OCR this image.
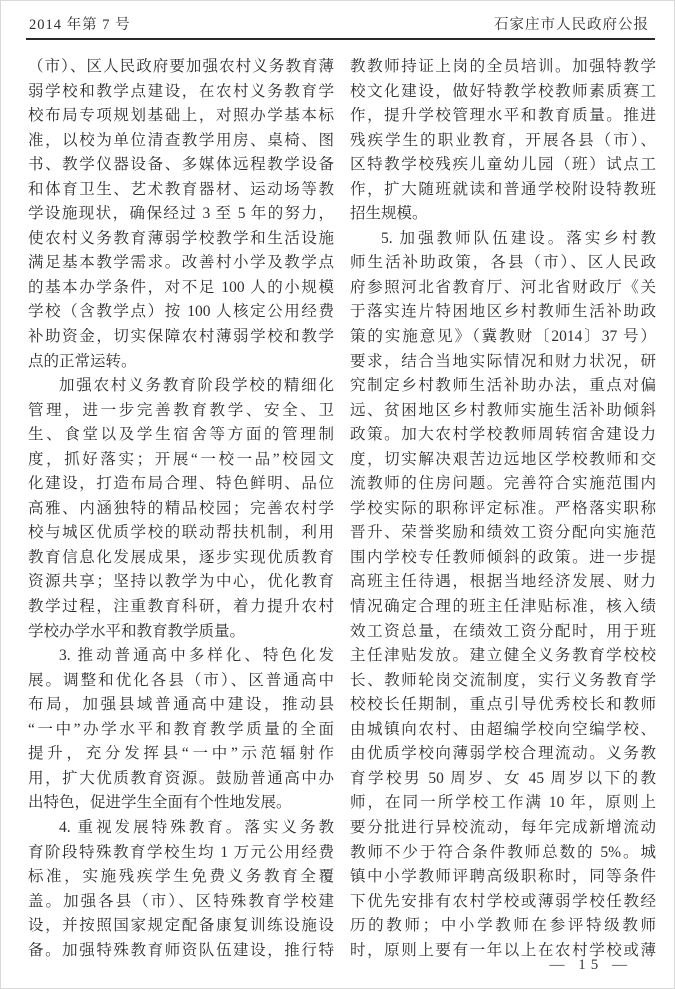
2014 年第 7 号	石家庄市人民政府公报
（市）、区人民政府要加强农村义务教育薄
弱学校和教学点建设，在农村义务教育学
校布局专项规划基础上，对照办学基本标
准，以校为单位清查教学用房、桌椅、图
书、教学仪器设备、多媒体远程教学设备
和体育卫生、艺术教育器材、运动场等教
学设施现状，确保经过 3 至 5 年的努力，
使农村义务教育薄弱学校教学和生活设施
满足基本教学需求。改善村小学及教学点
的基本办学条件，对不足 100 人的小规模
学校（含教学点）按 100 人核定公用经费
补助资金，切实保障农村薄弱学校和教学
点的正常运转。
加强农村义务教育阶段学校的精细化
管理，进一步完善教育教学、安全、卫
生、食堂以及学生宿舍等方面的管理制
度，抓好落实；开展“一校一品”校园文
化建设，打造布局合理、特色鲜明、品位
高雅、内涵独特的精品校园；完善农村学
校与城区优质学校的联动帮扶机制，利用
教育信息化发展成果，逐步实现优质教育
资源共享；坚持以教学为中心，优化教育
教学过程，注重教育科研，着力提升农村
学校办学水平和教育教学质量。
3. 推动普通高中多样化、特色化发
展。调整和优化各县（市）、区普通高中
布局，加强县域普通高中建设，推动县
“一中”办学水平和教育教学质量的全面
提升，充分发挥县“一中”示范辐射作
用，扩大优质教育资源。鼓励普通高中办
出特色，促进学生全面有个性地发展。
4. 重视发展特殊教育。落实义务教
育阶段特殊教育学校生均 1 万元公用经费
标准，实施残疾学生免费义务教育全覆
盖。加强各县（市）、区特殊教育学校建
设，并按照国家规定配备康复训练设施设
备。加强特殊教育师资队伍建设，推行特
教教师持证上岗的全员培训。加强特教学
校文化建设，做好特教学校教师素质赛工
作，提升学校管理水平和教育质量。推进
残疾学生的职业教育，开展各县（市）、
区特教学校残疾儿童幼儿园（班）试点工
作，扩大随班就读和普通学校附设特教班
招生规模。
5. 加强教师队伍建设。落实乡村教
师生活补助政策，各县（市）、区人民政
府参照河北省教育厅、河北省财政厅《关
于落实连片特困地区乡村教师生活补助政
策的实施意见》（冀教财〔2014〕37 号）
要求，结合当地实际情况和财力状况，研
究制定乡村教师生活补助办法，重点对偏
远、贫困地区乡村教师实施生活补助倾斜
政策。加大农村学校教师周转宿舍建设力
度，切实解决艰苦边远地区学校教师和交
流教师的住房问题。完善符合实施范围内
学校实际的职称评定标准。严格落实职称
晋升、荣誉奖励和绩效工资分配向实施范
围内学校专任教师倾斜的政策。进一步提
高班主任待遇，根据当地经济发展、财力
情况确定合理的班主任津贴标准，核入绩
效工资总量，在绩效工资分配时，用于班
主任津贴发放。建立健全义务教育学校校
长、教师轮岗交流制度，实行义务教育学
校校长任期制，重点引导优秀校长和教师
由城镇向农村、由超编学校向空编学校、
由优质学校向薄弱学校合理流动。义务教
育学校男 50 周岁、女 45 周岁以下的教
师，在同一所学校工作满 10 年，原则上
要分批进行异校流动，每年完成新增流动
教师不少于符合条件教师总数的 5%。城
镇中小学教师评聘高级职称时，同等条件
下优先安排有农村学校或薄弱学校任教经
历的教师；中小学教师在参评特级教师
时，原则上要有一年以上在农村学校或薄
— 15 —
